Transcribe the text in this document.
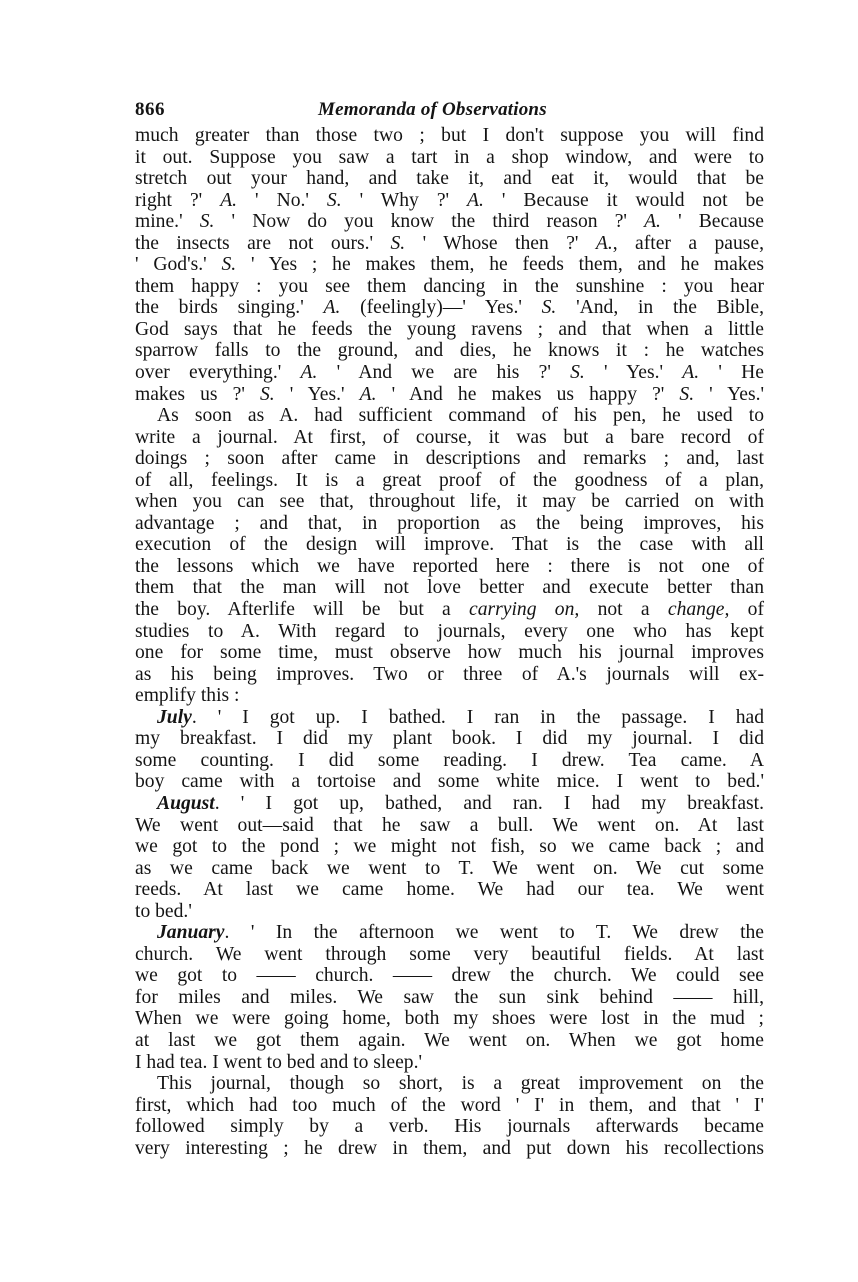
866	Memoranda of Observations
much greater than those two ; but I don't suppose you will find
it out. Suppose you saw a tart in a shop window, and were to
stretch out your hand, and take it, and eat it, would that be
right ?' A. ' No.' S. ' Why ?' A. ' Because it would not be
mine.' S. ' Now do you know the third reason ?' A. ' Because
the insects are not ours.' S. ' Whose then ?' A., after a pause,
' God's.' S. ' Yes ; he makes them, he feeds them, and he makes
them happy : you see them dancing in the sunshine : you hear
the birds singing.' A. (feelingly)—' Yes.' S. 'And, in the Bible,
God says that he feeds the young ravens ; and that when a little
sparrow falls to the ground, and dies, he knows it : he watches
over everything.' A. ' And we are his ?' S. ' Yes.' A. ' He
makes us ?' S. ' Yes.' A. ' And he makes us happy ?' S. ' Yes.'
As soon as A. had sufficient command of his pen, he used to
write a journal. At first, of course, it was but a bare record of
doings ; soon after came in descriptions and remarks ; and, last
of all, feelings. It is a great proof of the goodness of a plan,
when you can see that, throughout life, it may be carried on with
advantage ; and that, in proportion as the being improves, his
execution of the design will improve. That is the case with all
the lessons which we have reported here : there is not one of
them that the man will not love better and execute better than
the boy. Afterlife will be but a carrying on, not a change, of
studies to A. With regard to journals, every one who has kept
one for some time, must observe how much his journal improves
as his being improves. Two or three of A.'s journals will ex-
emplify this :
July. ' I got up. I bathed. I ran in the passage. I had
my breakfast. I did my plant book. I did my journal. I did
some counting. I did some reading. I drew. Tea came. A
boy came with a tortoise and some white mice. I went to bed.'
August. ' I got up, bathed, and ran. I had my breakfast.
We went out—said that he saw a bull. We went on. At last
we got to the pond ; we might not fish, so we came back ; and
as we came back we went to T. We went on. We cut some
reeds. At last we came home. We had our tea. We went
to bed.'
January. ' In the afternoon we went to T. We drew the
church. We went through some very beautiful fields. At last
we got to —— church. —— drew the church. We could see
for miles and miles. We saw the sun sink behind —— hill,
When we were going home, both my shoes were lost in the mud ;
at last we got them again. We went on. When we got home
I had tea. I went to bed and to sleep.'
This journal, though so short, is a great improvement on the
first, which had too much of the word ' I' in them, and that ' I'
followed simply by a verb. His journals afterwards became
very interesting ; he drew in them, and put down his recollections
